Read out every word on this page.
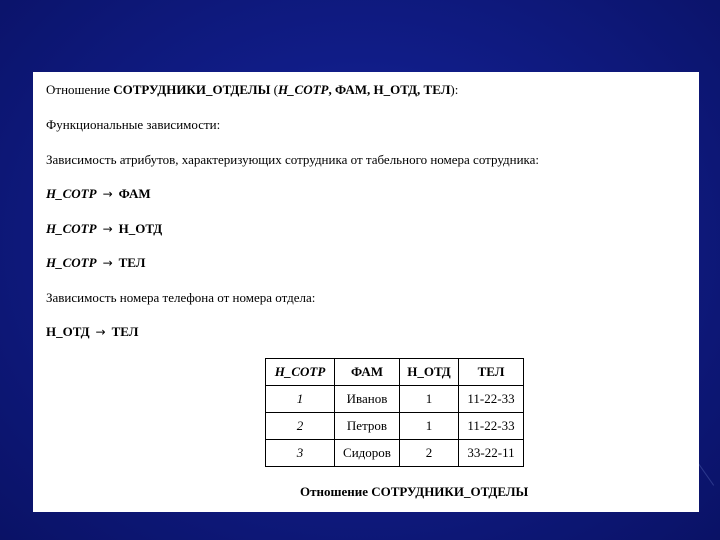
Отношение СОТРУДНИКИ_ОТДЕЛЫ (Н_СОТР, ФАМ, Н_ОТД, ТЕЛ):
Функциональные зависимости:
Зависимость атрибутов, характеризующих сотрудника от табельного номера сотрудника:
Н_СОТР → ФАМ
Н_СОТР → Н_ОТД
Н_СОТР → ТЕЛ
Зависимость номера телефона от номера отдела:
Н_ОТД → ТЕЛ
Н_СОТР	ФАМ	Н_ОТД	ТЕЛ
1	Иванов	1	11-22-33
2	Петров	1	11-22-33
3	Сидоров	2	33-22-11
Отношение СОТРУДНИКИ_ОТДЕЛЫ
